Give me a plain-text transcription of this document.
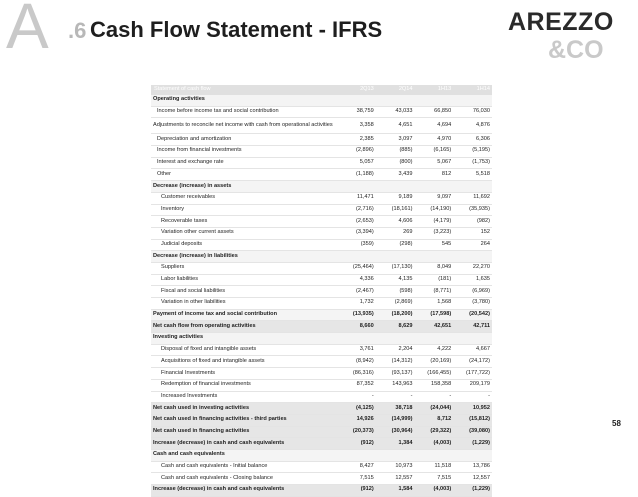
A .6 Cash Flow Statement - IFRS	AREZZO
&CO
Statement of cash flow	2Q13	2Q14	1H13	1H14
Operating activities				
Income before income tax and social contribution	38,759	43,033	66,850	76,030
Adjustments to reconcile net income with cash from operational activities	3,358	4,651	4,694	4,876
Depreciation and amortization	2,385	3,097	4,970	6,306
Income from financial investments	(2,896)	(885)	(6,165)	(5,195)
Interest and exchange rate	5,057	(800)	5,067	(1,753)
Other	(1,188)	3,439	812	5,518
Decrease (increase) in assets				
Customer receivables	11,471	9,189	9,097	11,692
Inventory	(2,716)	(18,161)	(14,190)	(35,935)
Recoverable taxes	(2,653)	4,606	(4,179)	(982)
Variation other current assets	(3,394)	269	(3,223)	152
Judicial deposits	(359)	(298)	545	264
Decrease (increase) in liabilities				
Suppliers	(25,464)	(17,130)	8,049	22,270
Labor liabilities	4,336	4,135	(181)	1,635
Fiscal and social liabilities	(2,467)	(598)	(8,771)	(6,969)
Variation in other liabilities	1,732	(2,869)	1,568	(3,780)
Payment of income tax and social contribution	(13,935)	(18,200)	(17,598)	(20,542)
Net cash flow from operating activities	8,660	8,629	42,651	42,711
Investing activities				
Disposal of fixed and intangible assets	3,761	2,204	4,222	4,667
Acquisitions of fixed and intangible assets	(8,942)	(14,312)	(20,169)	(24,172)
Financial Investments	(86,316)	(93,137)	(166,455)	(177,722)
Redemption of financial investments	87,352	143,963	158,358	209,179
Increased Investments	-	-	-	-
Net cash used in investing activities	(4,125)	38,718	(24,044)	10,952
Net cash used in financing activities - third parties	14,926	(14,999)	8,712	(15,812)
Net cash used in financing activities	(20,373)	(30,964)	(29,322)	(39,080)
Increase (decrease) in cash and cash equivalents	(912)	1,384	(4,003)	(1,229)
Cash and cash equivalents				
Cash and cash equivalents - Initial balance	8,427	10,973	11,518	13,786
Cash and cash equivalents - Closing balance	7,515	12,557	7,515	12,557
Increase (decrease) in cash and cash equivalents	(912)	1,584	(4,003)	(1,229)
58
